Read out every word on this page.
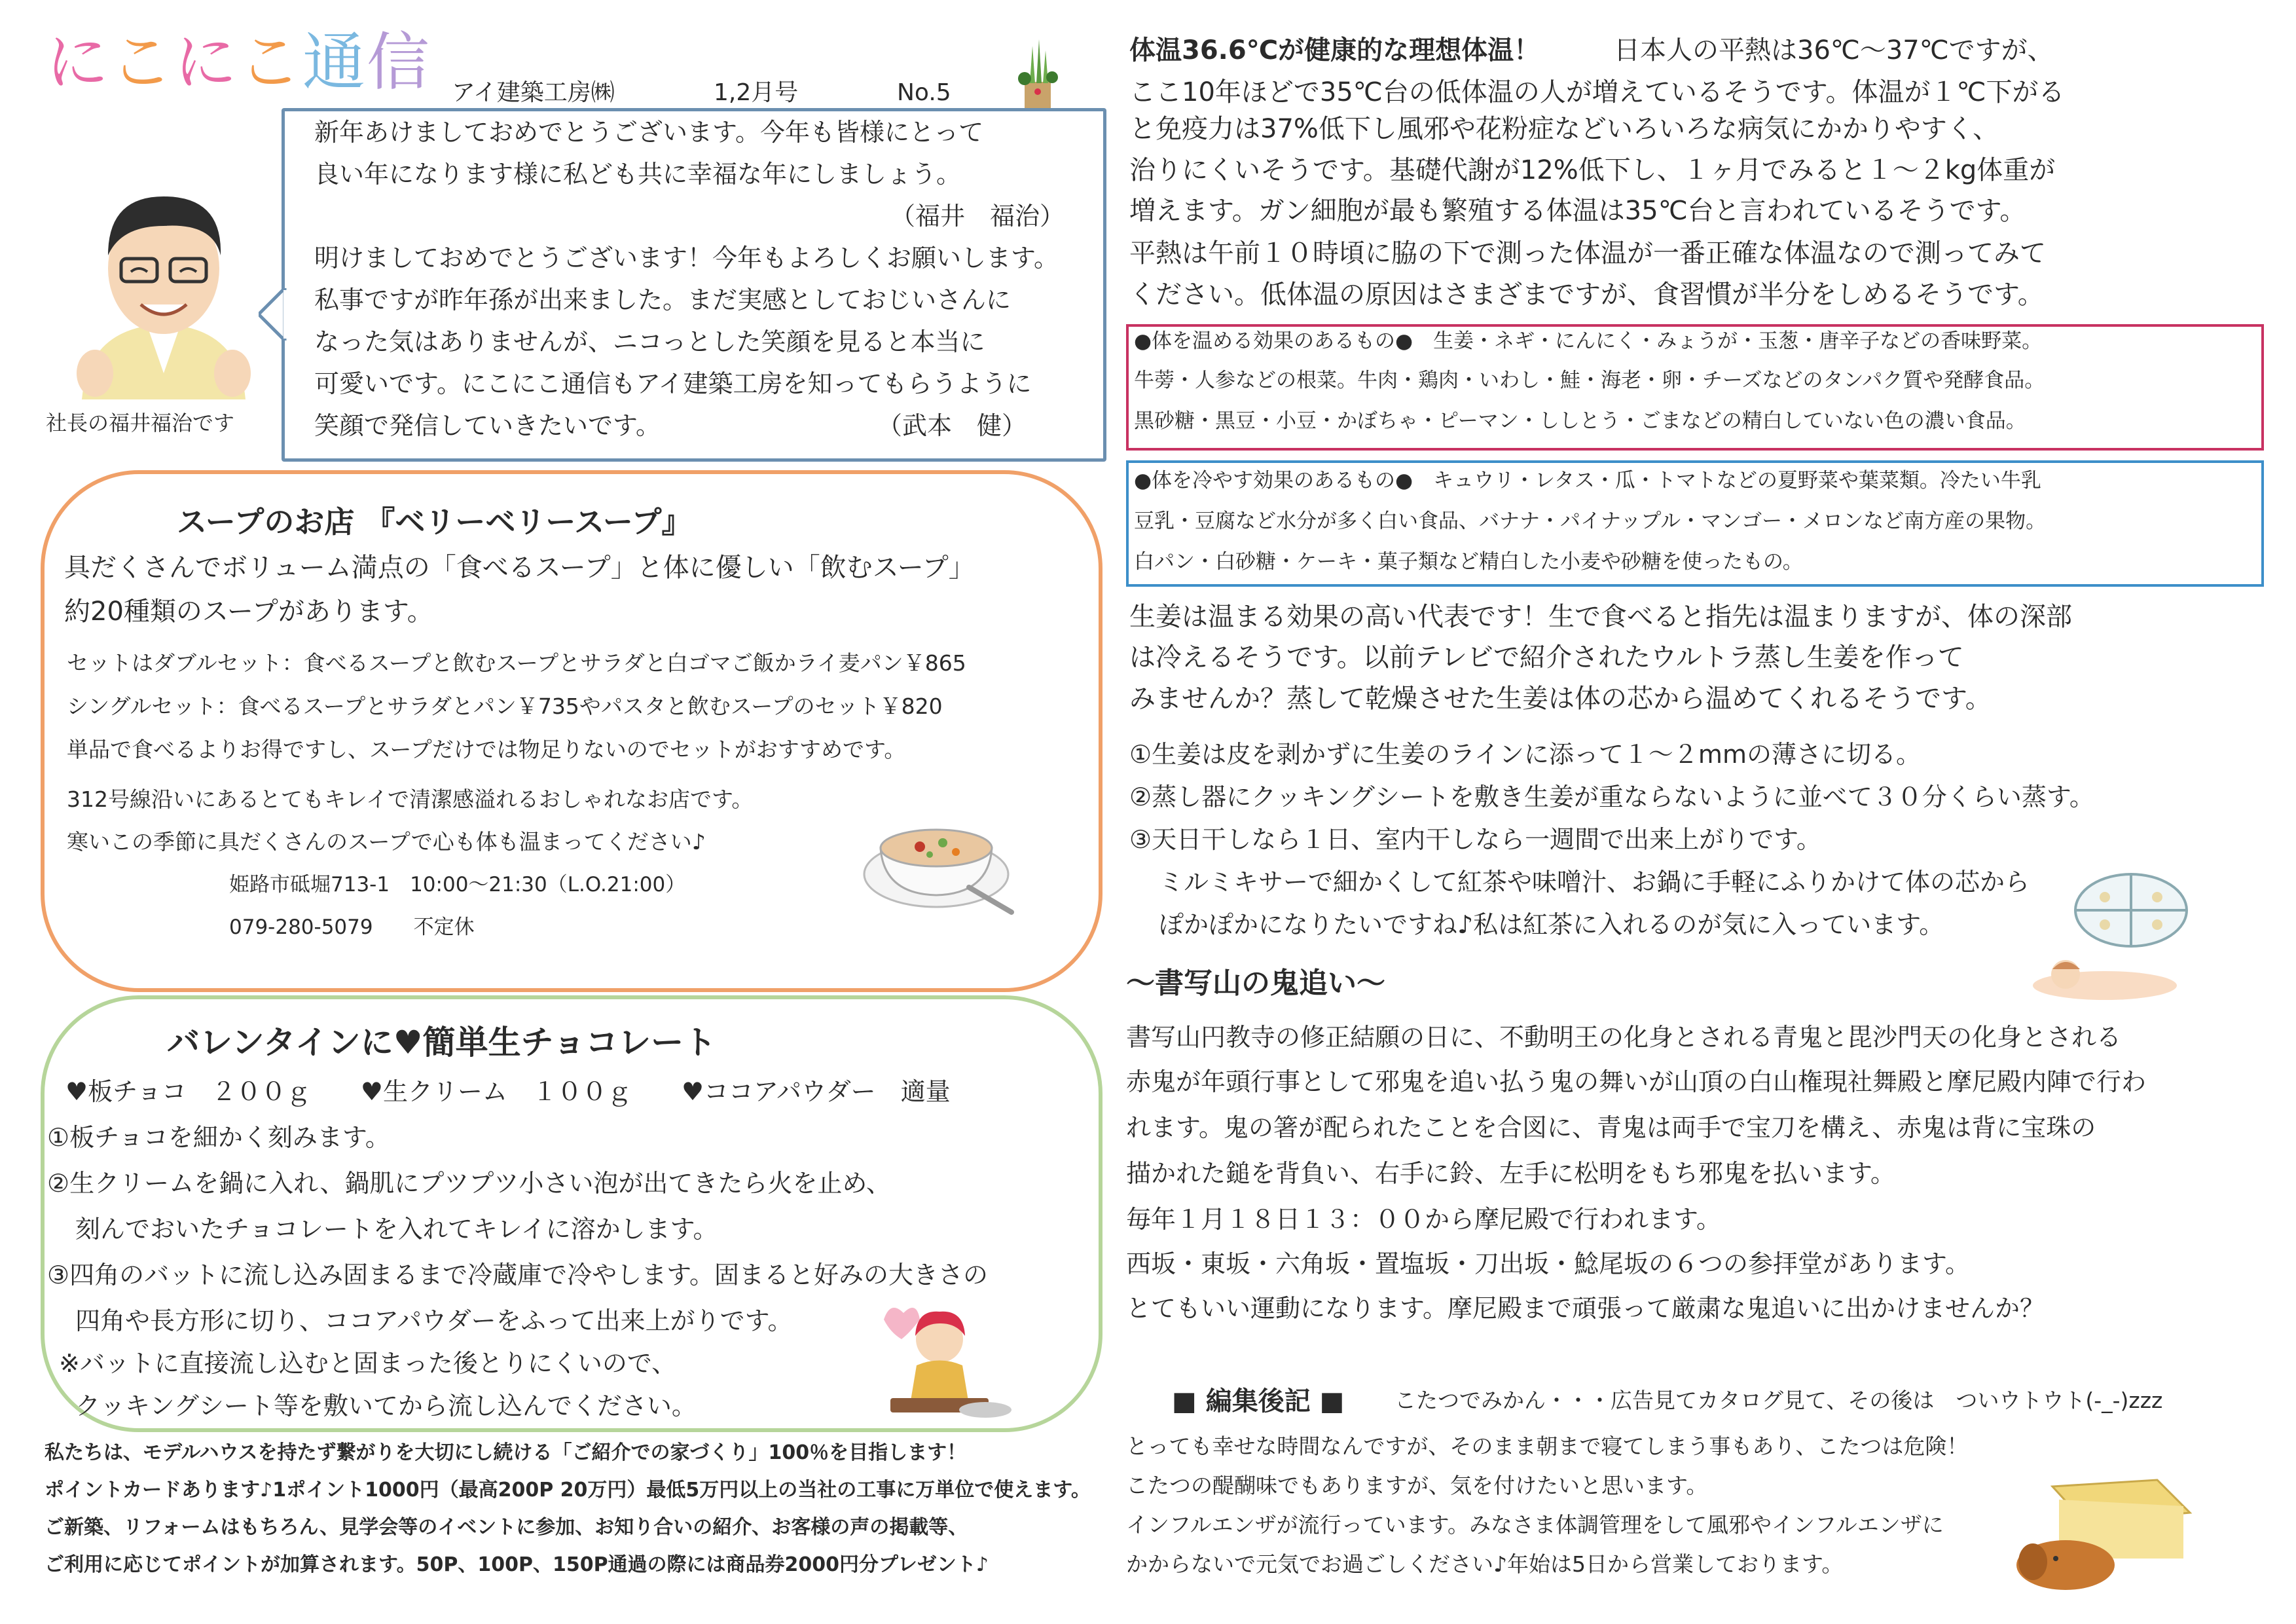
にこにこ通信 アイ建築工房㈱	1,2月号	No.5
社長の福井福治です
新年あけましておめでとうございます。今年も皆様にとって
良い年になります様に私ども共に幸福な年にしましょう。
（福井　福治）
明けましておめでとうございます！今年もよろしくお願いします。
私事ですが昨年孫が出来ました。まだ実感としておじいさんに
なった気はありませんが、ニコっとした笑顔を見ると本当に
可愛いです。にこにこ通信もアイ建築工房を知ってもらうように
笑顔で発信していきたいです。	（武本　健）
スープのお店 『ベリーベリースープ』
具だくさんでボリューム満点の「食べるスープ」と体に優しい「飲むスープ」
約20種類のスープがあります。
セットはダブルセット：食べるスープと飲むスープとサラダと白ゴマご飯かライ麦パン￥865
シングルセット：食べるスープとサラダとパン￥735やパスタと飲むスープのセット￥820
単品で食べるよりお得ですし、スープだけでは物足りないのでセットがおすすめです。
312号線沿いにあるとてもキレイで清潔感溢れるおしゃれなお店です。
寒いこの季節に具だくさんのスープで心も体も温まってください♪
姫路市砥堀713-1　10:00～21:30（L.O.21:00）
079-280-5079　　不定休
バレンタインに♥簡単生チョコレート
♥板チョコ　２００ｇ　　♥生クリーム　１００ｇ　　♥ココアパウダー　適量
①板チョコを細かく刻みます。
②生クリームを鍋に入れ、鍋肌にプツプツ小さい泡が出てきたら火を止め、
刻んでおいたチョコレートを入れてキレイに溶かします。
③四角のバットに流し込み固まるまで冷蔵庫で冷やします。固まると好みの大きさの
四角や長方形に切り、ココアパウダーをふって出来上がりです。
※バットに直接流し込むと固まった後とりにくいので、
クッキングシート等を敷いてから流し込んでください。
私たちは、モデルハウスを持たず繋がりを大切にし続ける「ご紹介での家づくり」100％を目指します！
ポイントカードあります♪1ポイント1000円（最高200P 20万円）最低5万円以上の当社の工事に万単位で使えます。
ご新築、リフォームはもちろん、見学会等のイベントに参加、お知り合いの紹介、お客様の声の掲載等、
ご利用に応じてポイントが加算されます。50P、100P、150P通過の際には商品券2000円分プレゼント♪
体温36.6℃が健康的な理想体温！	日本人の平熱は36℃～37℃ですが、
ここ10年ほどで35℃台の低体温の人が増えているそうです。体温が１℃下がる
と免疫力は37%低下し風邪や花粉症などいろいろな病気にかかりやすく、
治りにくいそうです。基礎代謝が12%低下し、１ヶ月でみると１～２kg体重が
増えます。ガン細胞が最も繁殖する体温は35℃台と言われているそうです。
平熱は午前１０時頃に脇の下で測った体温が一番正確な体温なので測ってみて
ください。低体温の原因はさまざまですが、食習慣が半分をしめるそうです。
●体を温める効果のあるもの●　生姜・ネギ・にんにく・みょうが・玉葱・唐辛子などの香味野菜。
牛蒡・人参などの根菜。牛肉・鶏肉・いわし・鮭・海老・卵・チーズなどのタンパク質や発酵食品。
黒砂糖・黒豆・小豆・かぼちゃ・ピーマン・ししとう・ごまなどの精白していない色の濃い食品。
●体を冷やす効果のあるもの●　キュウリ・レタス・瓜・トマトなどの夏野菜や葉菜類。冷たい牛乳
豆乳・豆腐など水分が多く白い食品、バナナ・パイナップル・マンゴー・メロンなど南方産の果物。
白パン・白砂糖・ケーキ・菓子類など精白した小麦や砂糖を使ったもの。
生姜は温まる効果の高い代表です！生で食べると指先は温まりますが、体の深部
は冷えるそうです。以前テレビで紹介されたウルトラ蒸し生姜を作って
みませんか？蒸して乾燥させた生姜は体の芯から温めてくれるそうです。
①生姜は皮を剥かずに生姜のラインに添って１～２mmの薄さに切る。
②蒸し器にクッキングシートを敷き生姜が重ならないように並べて３０分くらい蒸す。
③天日干しなら１日、室内干しなら一週間で出来上がりです。
ミルミキサーで細かくして紅茶や味噌汁、お鍋に手軽にふりかけて体の芯から
ぽかぽかになりたいですね♪私は紅茶に入れるのが気に入っています。
～書写山の鬼追い～
書写山円教寺の修正結願の日に、不動明王の化身とされる青鬼と毘沙門天の化身とされる
赤鬼が年頭行事として邪鬼を追い払う鬼の舞いが山頂の白山権現社舞殿と摩尼殿内陣で行わ
れます。鬼の箸が配られたことを合図に、青鬼は両手で宝刀を構え、赤鬼は背に宝珠の
描かれた鎚を背負い、右手に鈴、左手に松明をもち邪鬼を払います。
毎年１月１８日１３：００から摩尼殿で行われます。
西坂・東坂・六角坂・置塩坂・刀出坂・鯰尾坂の６つの参拝堂があります。
とてもいい運動になります。摩尼殿まで頑張って厳粛な鬼追いに出かけませんか？
■ 編集後記 ■ こたつでみかん・・・広告見てカタログ見て、その後は　ついウトウト(-_-)zzz
とっても幸せな時間なんですが、そのまま朝まで寝てしまう事もあり、こたつは危険！
こたつの醍醐味でもありますが、気を付けたいと思います。
インフルエンザが流行っています。みなさま体調管理をして風邪やインフルエンザに
かからないで元気でお過ごしください♪年始は5日から営業しております。
